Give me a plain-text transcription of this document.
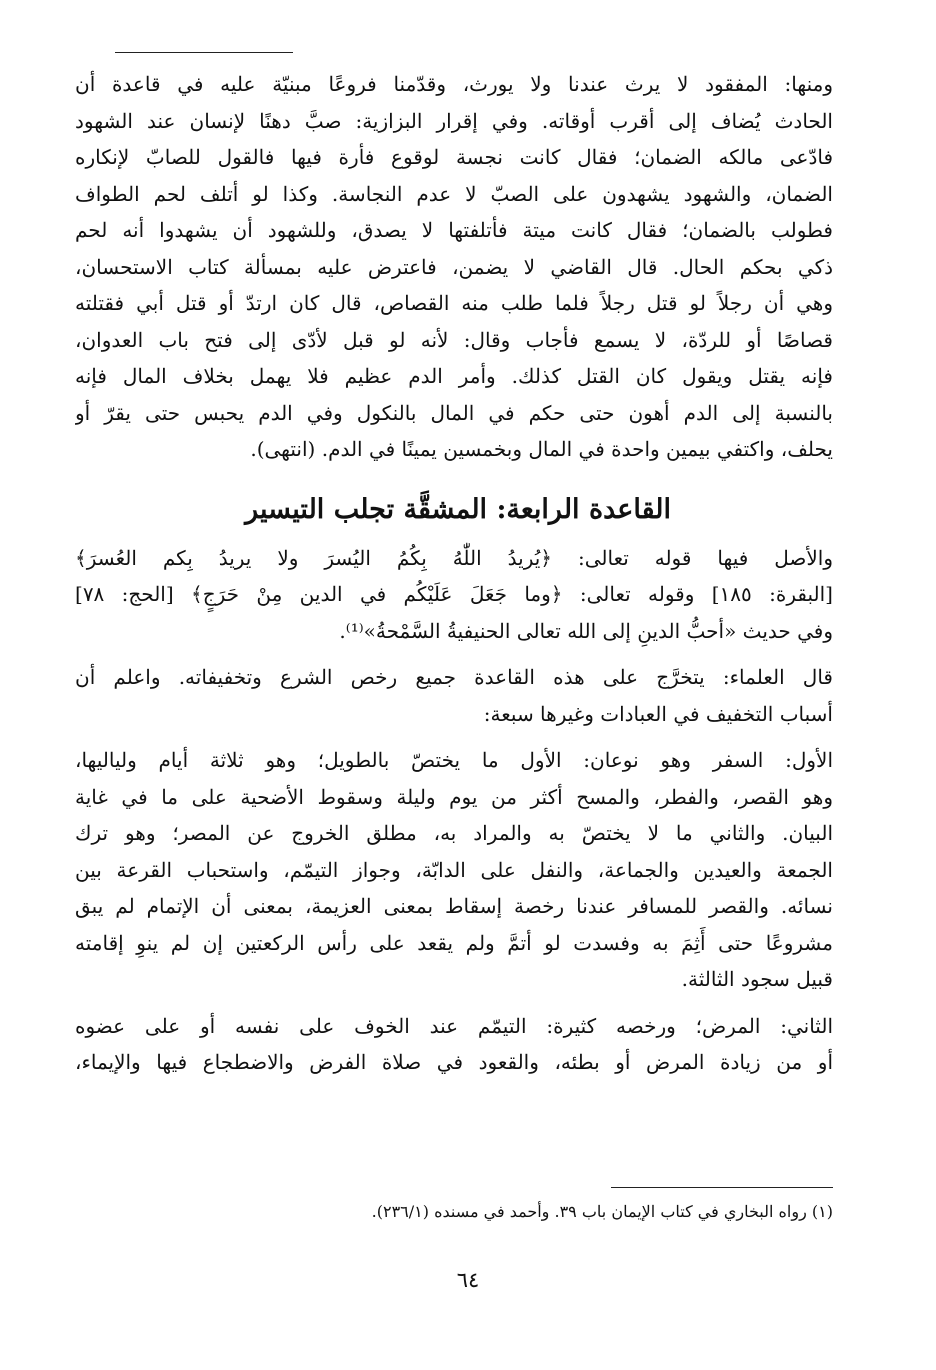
ومنها: المفقود لا يرث عندنا ولا يورث، وقدّمنا فروعًا مبنيّة عليه في قاعدة أن
الحادث يُضاف إلى أقرب أوقاته. وفي إقرار البزازية: صبَّ دهنًا لإنسان عند الشهود
فادّعى مالكه الضمان؛ فقال كانت نجسة لوقوع فأرة فيها فالقول للصابّ لإنكاره
الضمان، والشهود يشهدون على الصبّ لا عدم النجاسة. وكذا لو أتلف لحم الطواف
فطولب بالضمان؛ فقال كانت ميتة فأتلفتها لا يصدق، وللشهود أن يشهدوا أنه لحم
ذكي بحكم الحال. قال القاضي لا يضمن، فاعترض عليه بمسألة كتاب الاستحسان،
وهي أن رجلاً لو قتل رجلاً فلما طلب منه القصاص، قال كان ارتدّ أو قتل أبي فقتلته
قصاصًا أو للردّة، لا يسمع فأجاب وقال: لأنه لو قبل لأدّى إلى فتح باب العدوان،
فإنه يقتل ويقول كان القتل كذلك. وأمر الدم عظيم فلا يهمل بخلاف المال فإنه
بالنسبة إلى الدم أهون حتى حكم في المال بالنكول وفي الدم يحبس حتى يقرّ أو
يحلف، واكتفي بيمين واحدة في المال وبخمسين يمينًا في الدم. (انتهى).

القاعدة الرابعة: المشقَّة تجلب التيسير

والأصل فيها قوله تعالى: ﴿يُريدُ اللّٰهُ بِكُمُ اليُسرَ ولا يريدُ بِكم العُسرَ﴾
[البقرة: ١٨٥] وقوله تعالى: ﴿وما جَعَلَ عَلَيْكُم في الدين مِنْ حَرَجٍ﴾ [الحج: ٧٨]
وفي حديث «أحبُّ الدينِ إلى الله تعالى الحنيفيةُ السَّمْحةُ»⁽¹⁾.

قال العلماء: يتخرَّج على هذه القاعدة جميع رخص الشرع وتخفيفاته. واعلم أن
أسباب التخفيف في العبادات وغيرها سبعة:

الأول: السفر وهو نوعان: الأول ما يختصّ بالطويل؛ وهو ثلاثة أيام ولياليها،
وهو القصر، والفطر، والمسح أكثر من يوم وليلة وسقوط الأضحية على ما في غاية
البيان. والثاني ما لا يختصّ به والمراد به، مطلق الخروج عن المصر؛ وهو ترك
الجمعة والعيدين والجماعة، والنفل على الدابّة، وجواز التيمّم، واستحباب القرعة بين
نسائه. والقصر للمسافر عندنا رخصة إسقاط بمعنى العزيمة، بمعنى أن الإتمام لم يبق
مشروعًا حتى أَثِمَ به وفسدت لو أتمَّ ولم يقعد على رأس الركعتين إن لم ينوِ إقامته
قبيل سجود الثالثة.

الثاني: المرض؛ ورخصه كثيرة: التيمّم عند الخوف على نفسه أو على عضوه
أو من زيادة المرض أو بطئه، والقعود في صلاة الفرض والاضطجاع فيها والإيماء،

(١) رواه البخاري في كتاب الإيمان باب ٣٩. وأحمد في مسنده (٢٣٦/١).
٦٤
